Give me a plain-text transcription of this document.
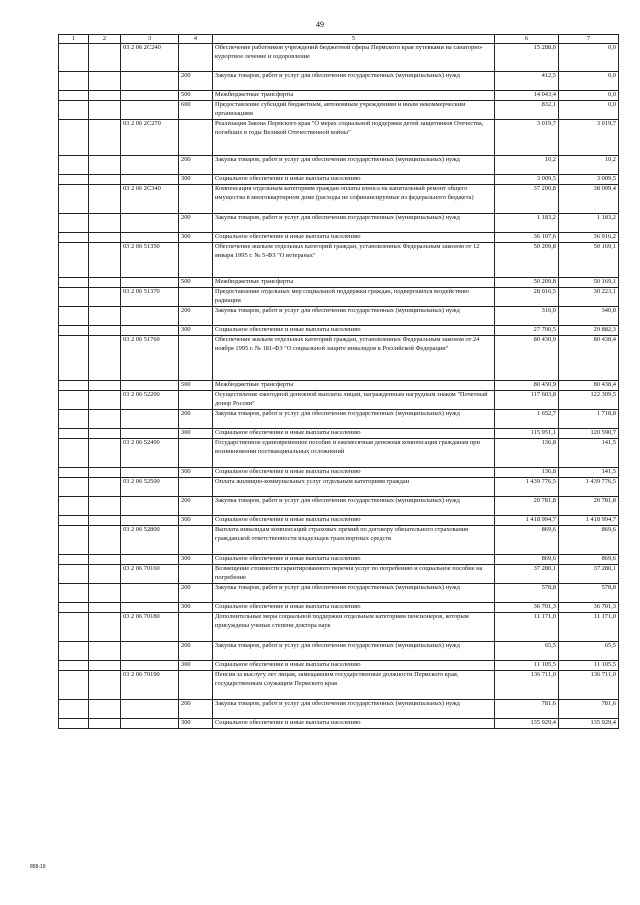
49
1	2	3	4	5	6	7
		03 2 06 2C240		Обеспечение работников учреждений бюджетной сферы Пермского края путевками на санаторно-курортное лечение и оздоровление	15 288,0	0,0
			200	Закупка товаров, работ и услуг для обеспечения государственных (муниципальных) нужд	412,5	0,0
			500	Межбюджетные трансферты	14 043,4	0,0
			600	Предоставление субсидий бюджетным, автономным учреждениям и иным некоммерческим организациям	832,1	0,0
		03 2 06 2C270		Реализация Закона Пермского края "О мерах социальной поддержки детей защитников Отечества, погибших в годы Великой Отечественной войны"	3 019,7	3 019,7
			200	Закупка товаров, работ и услуг для обеспечения государственных (муниципальных) нужд	10,2	10,2
			300	Социальное обеспечение и иные выплаты населению	3 009,5	3 009,5
		03 2 06 2C340		Компенсация отдельным категориям граждан оплаты взноса на капитальный ремонт общего имущества в многоквартирном доме (расходы не софинансируемые из федерального бюджета)	37 290,8	38 099,4
			200	Закупка товаров, работ и услуг для обеспечения государственных (муниципальных) нужд	1 183,2	1 183,2
			300	Социальное обеспечение и иные выплаты населению	36 107,6	36 916,2
		03 2 06 51350		Обеспечение жильем отдельных категорий граждан, установленных Федеральным законом от 12 января 1995 г. № 5-ФЗ "О ветеранах"	50 209,8	50 169,1
			500	Межбюджетные трансферты	50 209,8	50 169,1
		03 2 06 51370		Предоставление отдельных мер социальной поддержки граждан, подвергшихся воздействию радиации	28 016,5	30 223,1
			200	Закупка товаров, работ и услуг для обеспечения государственных (муниципальных) нужд	316,0	340,8
			300	Социальное обеспечение и иные выплаты населению	27 700,5	29 882,3
		03 2 06 51760		Обеспечение жильем отдельных категорий граждан, установленных Федеральным законом от 24 ноября 1995 г. № 181-ФЗ "О социальной защите инвалидов в Российской Федерации"	80 430,9	80 438,4
			500	Межбюджетные трансферты	80 430,9	80 438,4
		03 2 06 52200		Осуществление ежегодной денежной выплаты лицам, награжденным нагрудным знаком "Почетный донор России"	117 603,8	122 309,5
			200	Закупка товаров, работ и услуг для обеспечения государственных (муниципальных) нужд	1 652,7	1 718,8
			300	Социальное обеспечение и иные выплаты населению	115 951,1	120 590,7
		03 2 06 52400		Государственное единовременное пособие и ежемесячная денежная компенсация гражданам при возникновении поствакцинальных осложнений	136,8	141,5
			300	Социальное обеспечение и иные выплаты населению	136,8	141,5
		03 2 06 52500		Оплата жилищно-коммунальных услуг отдельным категориям граждан	1 439 776,5	1 439 776,5
			200	Закупка товаров, работ и услуг для обеспечения государственных (муниципальных) нужд	20 781,8	20 781,8
			300	Социальное обеспечение и иные выплаты населению	1 418 994,7	1 418 994,7
		03 2 06 52800		Выплата инвалидам компенсаций страховых премий по договору обязательного страхования гражданской ответственности владельцев транспортных средств	869,6	869,6
			300	Социальное обеспечение и иные выплаты населению	869,6	869,6
		03 2 06 70160		Возмещение стоимости гарантированного перечня услуг по погребению и социальное пособие на погребение	37 280,1	37 280,1
			200	Закупка товаров, работ и услуг для обеспечения государственных (муниципальных) нужд	578,8	578,8
			300	Социальное обеспечение и иные выплаты населению	36 701,3	36 701,3
		03 2 06 70180		Дополнительные меры социальной поддержки отдельным категориям пенсионеров, которым присуждены ученые степени доктора наук	11 171,0	11 171,0
			200	Закупка товаров, работ и услуг для обеспечения государственных (муниципальных) нужд	65,5	65,5
			300	Социальное обеспечение и иные выплаты населению	11 105,5	11 105,5
		03 2 06 70190		Пенсия за выслугу лет лицам, замещавшим государственные должности Пермского края, государственным служащим Пермского края	136 711,0	136 711,0
			200	Закупка товаров, работ и услуг для обеспечения государственных (муниципальных) нужд	781,6	781,6
			300	Социальное обеспечение и иные выплаты населению	135 929,4	135 929,4
858-19
